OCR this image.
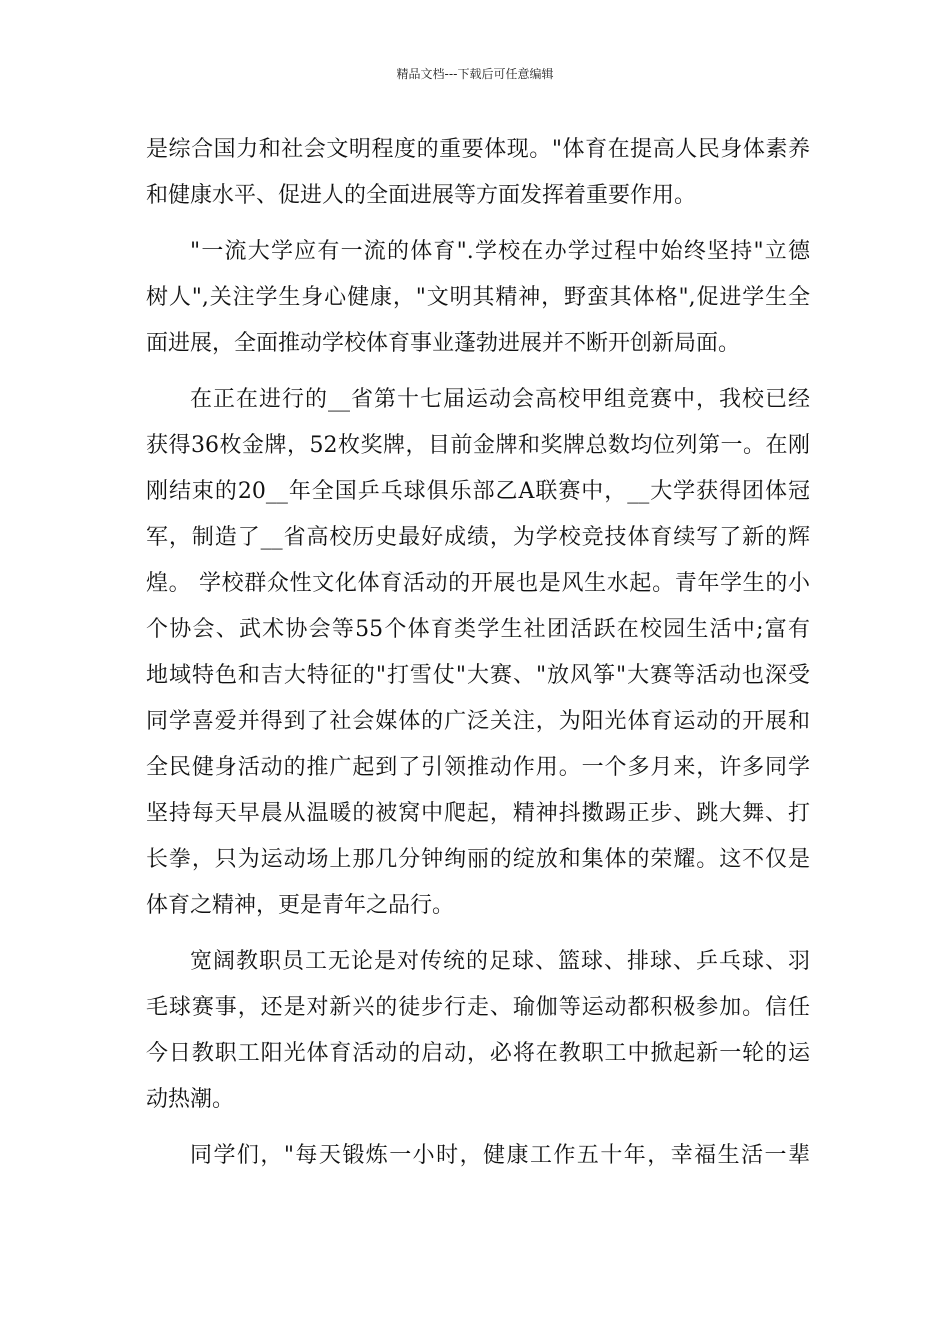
精品文档---下载后可任意编辑
是综合国力和社会文明程度的重要体现。"体育在提高人民身体素养
和健康水平、促进人的全面进展等方面发挥着重要作用。
"一流大学应有一流的体育".学校在办学过程中始终坚持"立德
树人",关注学生身心健康，"文明其精神，野蛮其体格",促进学生全
面进展，全面推动学校体育事业蓬勃进展并不断开创新局面。
在正在进行的__省第十七届运动会高校甲组竞赛中，我校已经
获得36枚金牌，52枚奖牌，目前金牌和奖牌总数均位列第一。在刚
刚结束的20__年全国乒乓球俱乐部乙A联赛中，__大学获得团体冠
军，制造了__省高校历史最好成绩，为学校竞技体育续写了新的辉
煌。 学校群众性文化体育活动的开展也是风生水起。青年学生的小
个协会、武术协会等55个体育类学生社团活跃在校园生活中;富有
地域特色和吉大特征的"打雪仗"大赛、"放风筝"大赛等活动也深受
同学喜爱并得到了社会媒体的广泛关注，为阳光体育运动的开展和
全民健身活动的推广起到了引领推动作用。一个多月来，许多同学
坚持每天早晨从温暖的被窝中爬起，精神抖擞踢正步、跳大舞、打
长拳，只为运动场上那几分钟绚丽的绽放和集体的荣耀。这不仅是
体育之精神，更是青年之品行。
宽阔教职员工无论是对传统的足球、篮球、排球、乒乓球、羽
毛球赛事，还是对新兴的徒步行走、瑜伽等运动都积极参加。信任
今日教职工阳光体育活动的启动，必将在教职工中掀起新一轮的运
动热潮。
同学们，"每天锻炼一小时，健康工作五十年，幸福生活一辈
